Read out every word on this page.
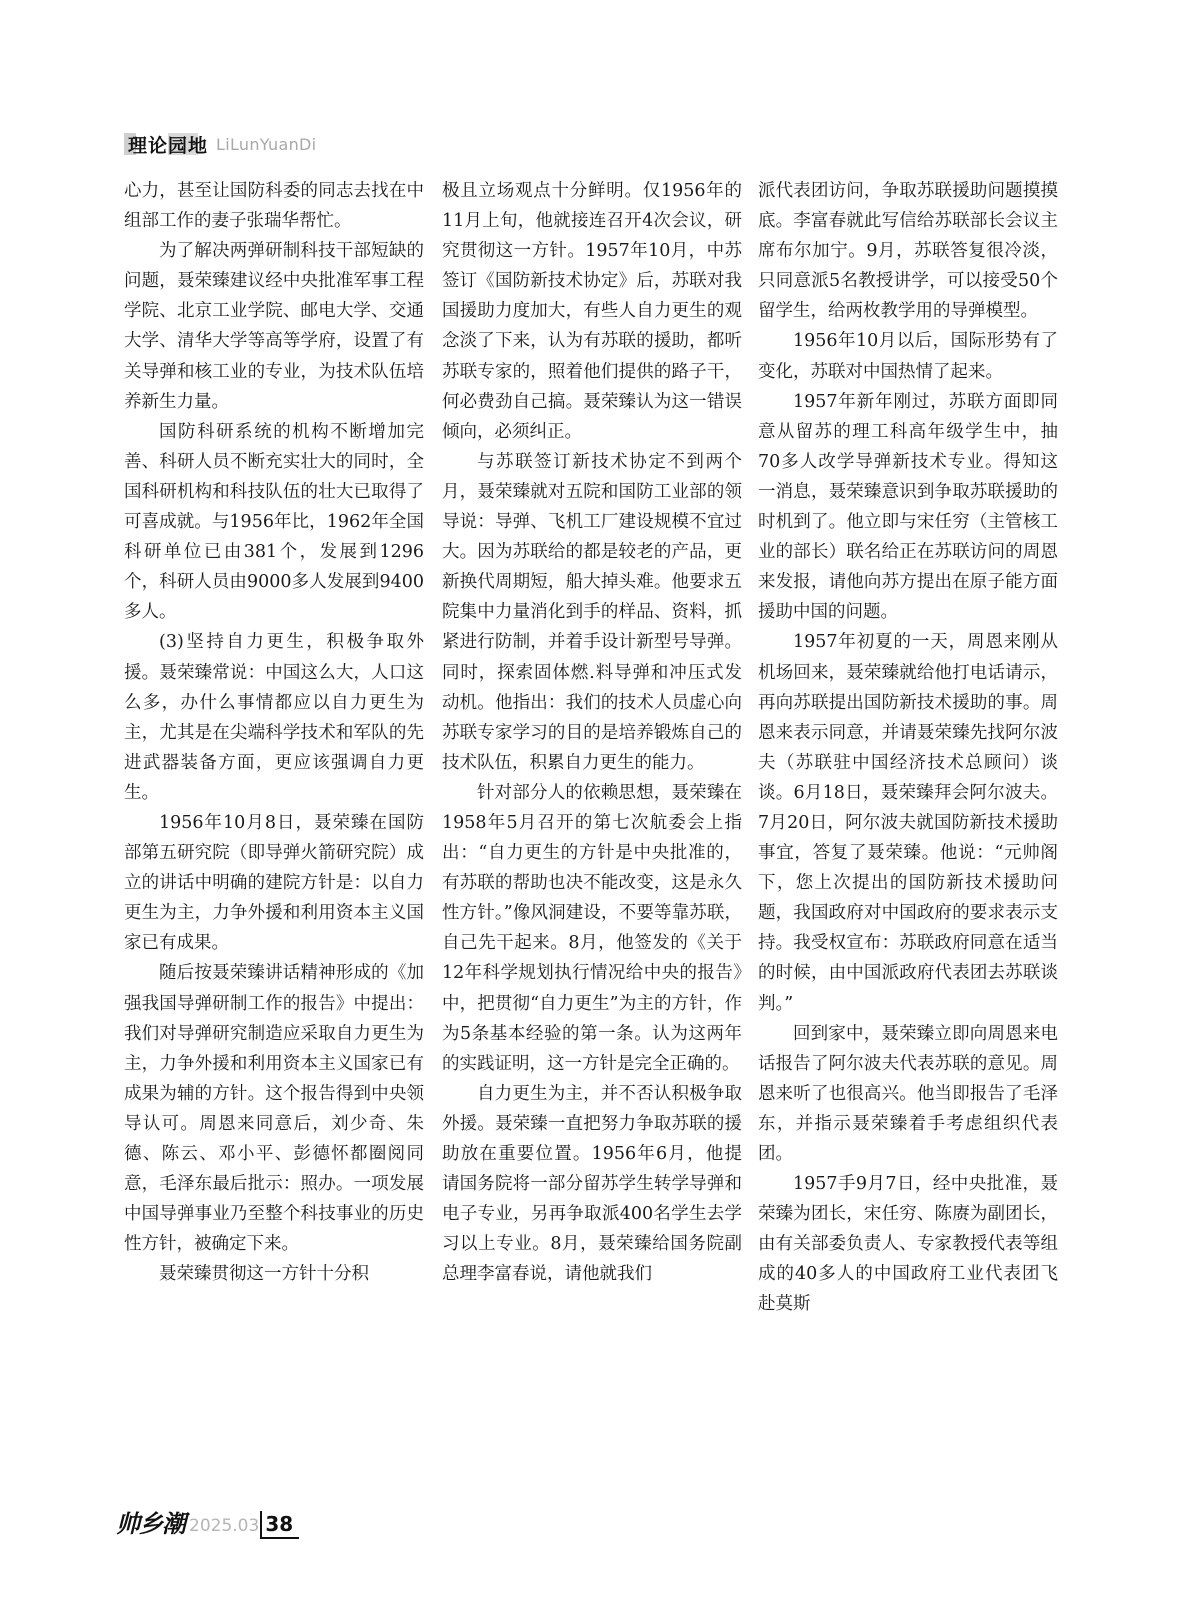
理论园地 LiLunYuanDi

心力，甚至让国防科委的同志去找在中组部工作的妻子张瑞华帮忙。

为了解决两弹研制科技干部短缺的问题，聂荣臻建议经中央批准军事工程学院、北京工业学院、邮电大学、交通大学、清华大学等高等学府，设置了有关导弹和核工业的专业，为技术队伍培养新生力量。

国防科研系统的机构不断增加完善、科研人员不断充实壮大的同时，全国科研机构和科技队伍的壮大已取得了可喜成就。与1956年比，1962年全国科研单位已由381个，发展到1296个，科研人员由9000多人发展到9400多人。

(3)坚持自力更生，积极争取外援。聂荣臻常说：中国这么大，人口这么多，办什么事情都应以自力更生为主，尤其是在尖端科学技术和军队的先进武器装备方面，更应该强调自力更生。

1956年10月8日，聂荣臻在国防部第五研究院（即导弹火箭研究院）成立的讲话中明确的建院方针是：以自力更生为主，力争外援和利用资本主义国家已有成果。

随后按聂荣臻讲话精神形成的《加强我国导弹研制工作的报告》中提出：我们对导弹研究制造应采取自力更生为主，力争外援和利用资本主义国家已有成果为辅的方针。这个报告得到中央领导认可。周恩来同意后，刘少奇、朱德、陈云、邓小平、彭德怀都圈阅同意，毛泽东最后批示：照办。一项发展中国导弹事业乃至整个科技事业的历史性方针，被确定下来。

聂荣臻贯彻这一方针十分积

极且立场观点十分鲜明。仅1956年的11月上旬，他就接连召开4次会议，研究贯彻这一方针。1957年10月，中苏签订《国防新技术协定》后，苏联对我国援助力度加大，有些人自力更生的观念淡了下来，认为有苏联的援助，都听苏联专家的，照着他们提供的路子干，何必费劲自己搞。聂荣臻认为这一错误倾向，必须纠正。

与苏联签订新技术协定不到两个月，聂荣臻就对五院和国防工业部的领导说：导弹、飞机工厂建设规模不宜过大。因为苏联给的都是较老的产品，更新换代周期短，船大掉头难。他要求五院集中力量消化到手的样品、资料，抓紧进行防制，并着手设计新型号导弹。同时，探索固体燃.料导弹和冲压式发动机。他指出：我们的技术人员虚心向苏联专家学习的目的是培养锻炼自己的技术队伍，积累自力更生的能力。

针对部分人的依赖思想，聂荣臻在1958年5月召开的第七次航委会上指出：“自力更生的方针是中央批准的，有苏联的帮助也决不能改变，这是永久性方针。”像风洞建设，不要等靠苏联，自己先干起来。8月，他签发的《关于12年科学规划执行情况给中央的报告》中，把贯彻“自力更生”为主的方针，作为5条基本经验的第一条。认为这两年的实践证明，这一方针是完全正确的。

自力更生为主，并不否认积极争取外援。聂荣臻一直把努力争取苏联的援助放在重要位置。1956年6月，他提请国务院将一部分留苏学生转学导弹和电子专业，另再争取派400名学生去学习以上专业。8月，聂荣臻给国务院副总理李富春说，请他就我们

派代表团访问，争取苏联援助问题摸摸底。李富春就此写信给苏联部长会议主席布尔加宁。9月，苏联答复很冷淡，只同意派5名教授讲学，可以接受50个留学生，给两枚教学用的导弹模型。

1956年10月以后，国际形势有了变化，苏联对中国热情了起来。

1957年新年刚过，苏联方面即同意从留苏的理工科高年级学生中，抽70多人改学导弹新技术专业。得知这一消息，聂荣臻意识到争取苏联援助的时机到了。他立即与宋任穷（主管核工业的部长）联名给正在苏联访问的周恩来发报，请他向苏方提出在原子能方面援助中国的问题。

1957年初夏的一天，周恩来刚从机场回来，聂荣臻就给他打电话请示，再向苏联提出国防新技术援助的事。周恩来表示同意，并请聂荣臻先找阿尔波夫（苏联驻中国经济技术总顾问）谈谈。6月18日，聂荣臻拜会阿尔波夫。7月20日，阿尔波夫就国防新技术援助事宜，答复了聂荣臻。他说：“元帅阁下，您上次提出的国防新技术援助问题，我国政府对中国政府的要求表示支持。我受权宣布：苏联政府同意在适当的时候，由中国派政府代表团去苏联谈判。”

回到家中，聂荣臻立即向周恩来电话报告了阿尔波夫代表苏联的意见。周恩来听了也很高兴。他当即报告了毛泽东，并指示聂荣臻着手考虑组织代表团。

1957手9月7日，经中央批准，聂荣臻为团长，宋任穷、陈赓为副团长，由有关部委负责人、专家教授代表等组成的40多人的中国政府工业代表团飞赴莫斯

帅乡潮 2025.03 38
